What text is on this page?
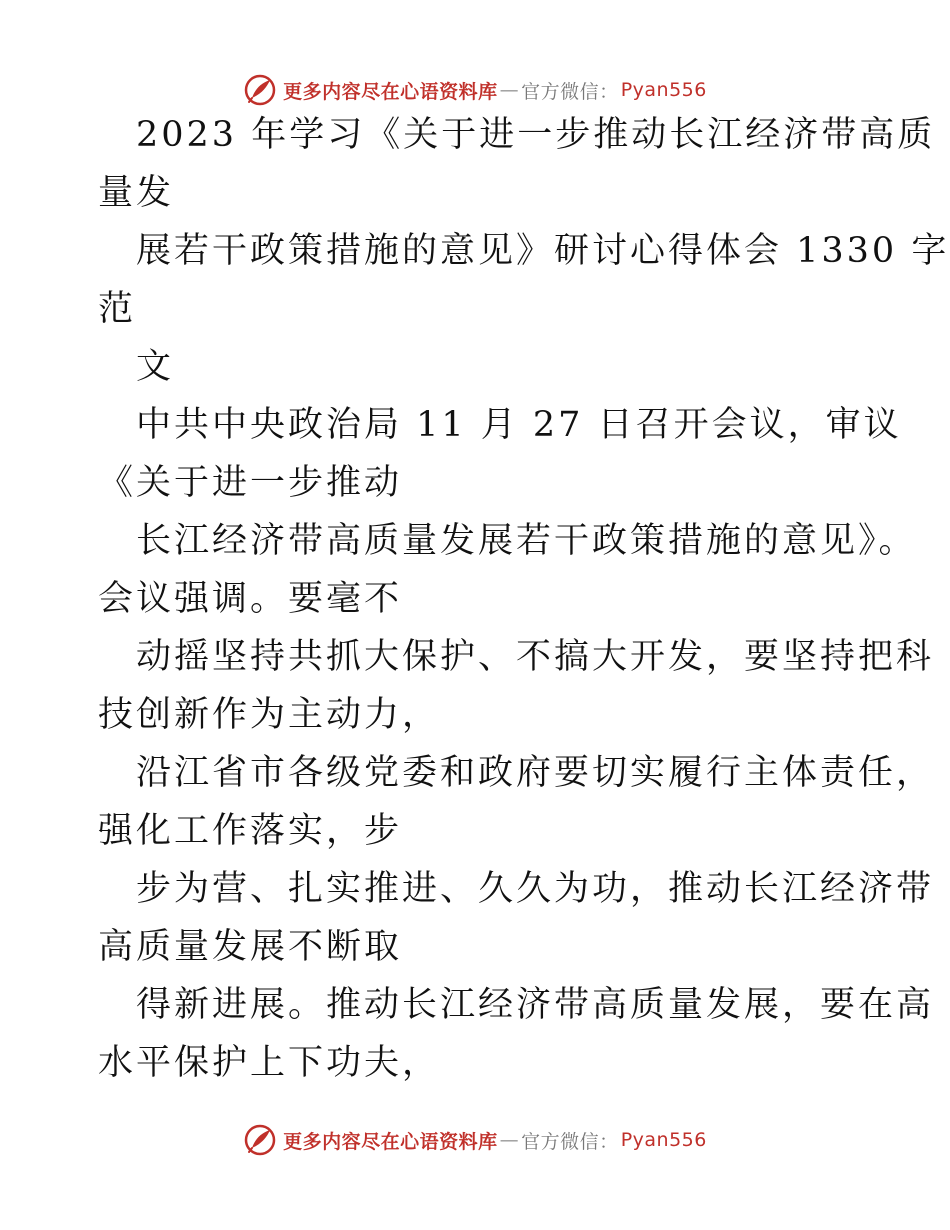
更多内容尽在心语资料库 — 官方微信： Pyan556
2023 年学习《关于进一步推动长江经济带高质
量发
展若干政策措施的意见》研讨心得体会 1330 字
范
文
中共中央政治局 11 月 27 日召开会议，审议
《关于进一步推动
长江经济带高质量发展若干政策措施的意见》。
会议强调。要毫不
动摇坚持共抓大保护、不搞大开发，要坚持把科
技创新作为主动力，
沿江省市各级党委和政府要切实履行主体责任，
强化工作落实，步
步为营、扎实推进、久久为功，推动长江经济带
高质量发展不断取
得新进展。推动长江经济带高质量发展，要在高
水平保护上下功夫，
更多内容尽在心语资料库 — 官方微信： Pyan556
